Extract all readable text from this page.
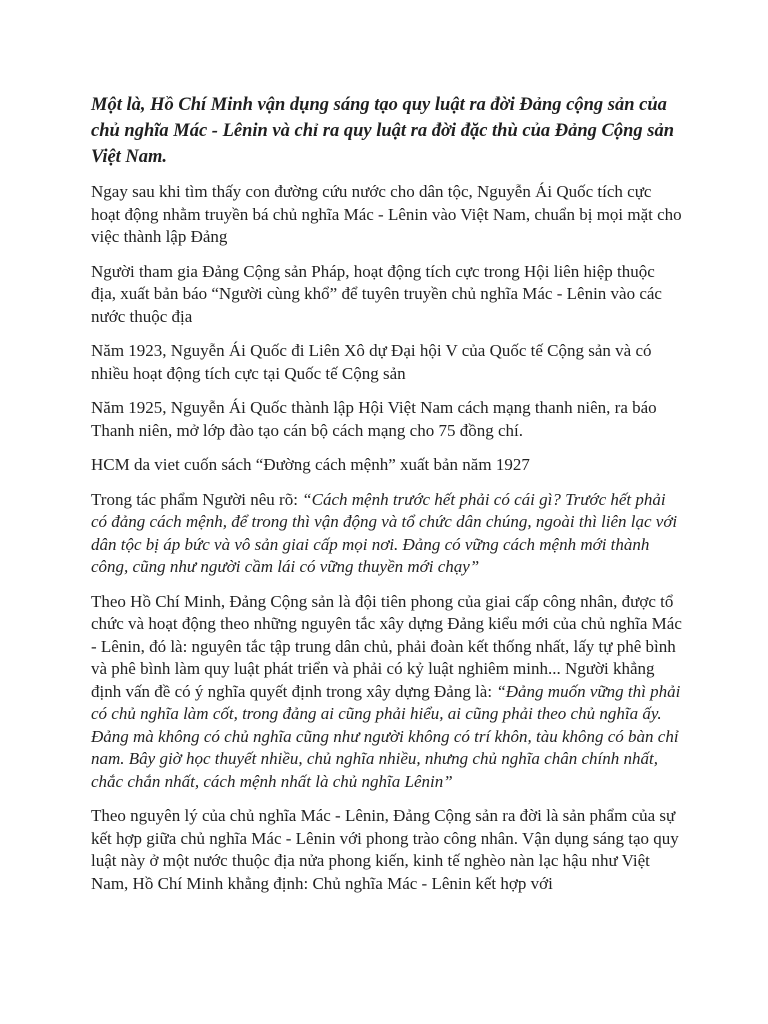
Một là, Hồ Chí Minh vận dụng sáng tạo quy luật ra đời Đảng cộng sản của chủ nghĩa Mác - Lênin và chỉ ra quy luật ra đời đặc thù của Đảng Cộng sản Việt Nam.

Ngay sau khi tìm thấy con đường cứu nước cho dân tộc, Nguyễn Ái Quốc tích cực hoạt động nhằm truyền bá chủ nghĩa Mác - Lênin vào Việt Nam, chuẩn bị mọi mặt cho việc thành lập Đảng

Người tham gia Đảng Cộng sản Pháp, hoạt động tích cực trong Hội liên hiệp thuộc địa, xuất bản báo “Người cùng khổ” để tuyên truyền chủ nghĩa Mác - Lênin vào các nước thuộc địa

Năm 1923, Nguyễn Ái Quốc đi Liên Xô dự Đại hội V của Quốc tế Cộng sản và có nhiều hoạt động tích cực tại Quốc tế Cộng sản

Năm 1925, Nguyễn Ái Quốc thành lập Hội Việt Nam cách mạng thanh niên, ra báo Thanh niên, mở lớp đào tạo cán bộ cách mạng cho 75 đồng chí.

HCM da viet cuốn sách “Đường cách mệnh” xuất bản năm 1927

Trong tác phẩm Người nêu rõ: “Cách mệnh trước hết phải có cái gì? Trước hết phải có đảng cách mệnh, để trong thì vận động và tổ chức dân chúng, ngoài thì liên lạc với dân tộc bị áp bức và vô sản giai cấp mọi nơi. Đảng có vững cách mệnh mới thành công, cũng như người cầm lái có vững thuyền mới chạy”

Theo Hồ Chí Minh, Đảng Cộng sản là đội tiên phong của giai cấp công nhân, được tổ chức và hoạt động theo những nguyên tắc xây dựng Đảng kiểu mới của chủ nghĩa Mác - Lênin, đó là: nguyên tắc tập trung dân chủ, phải đoàn kết thống nhất, lấy tự phê bình và phê bình làm quy luật phát triển và phải có kỷ luật nghiêm minh... Người khẳng định vấn đề có ý nghĩa quyết định trong xây dựng Đảng là: “Đảng muốn vững thì phải có chủ nghĩa làm cốt, trong đảng ai cũng phải hiểu, ai cũng phải theo chủ nghĩa ấy. Đảng mà không có chủ nghĩa cũng như người không có trí khôn, tàu không có bàn chỉ nam. Bây giờ học thuyết nhiều, chủ nghĩa nhiều, nhưng chủ nghĩa chân chính nhất, chắc chắn nhất, cách mệnh nhất là chủ nghĩa Lênin”

Theo nguyên lý của chủ nghĩa Mác - Lênin, Đảng Cộng sản ra đời là sản phẩm của sự kết hợp giữa chủ nghĩa Mác - Lênin với phong trào công nhân. Vận dụng sáng tạo quy luật này ở một nước thuộc địa nửa phong kiến, kinh tế nghèo nàn lạc hậu như Việt Nam, Hồ Chí Minh khẳng định: Chủ nghĩa Mác - Lênin kết hợp với
